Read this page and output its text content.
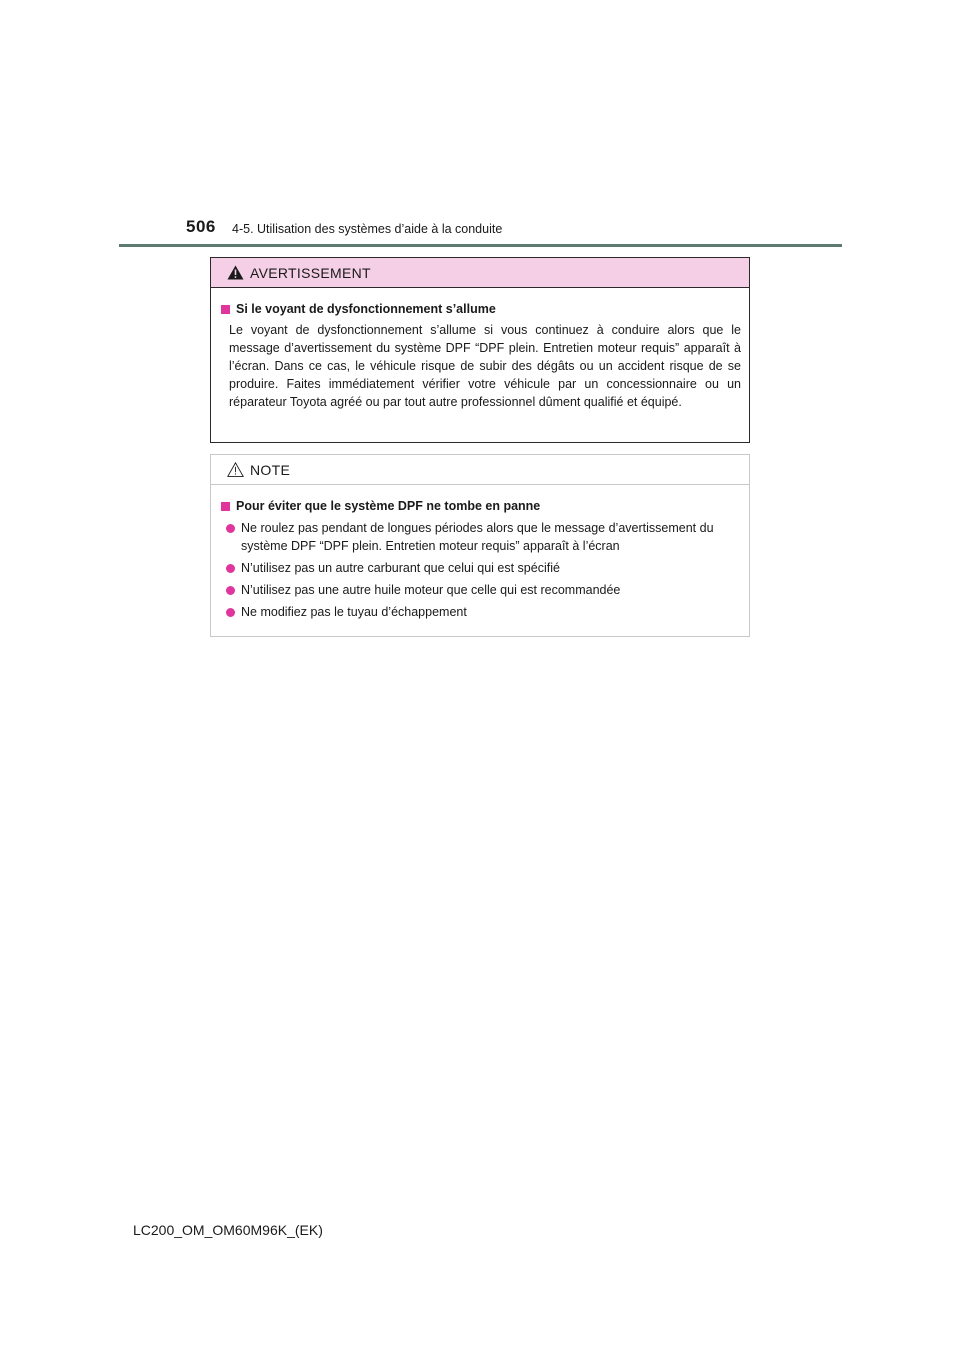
506 4-5. Utilisation des systèmes d’aide à la conduite
AVERTISSEMENT
Si le voyant de dysfonctionnement s’allume
Le voyant de dysfonctionnement s’allume si vous continuez à conduire alors que le message d’avertissement du système DPF “DPF plein. Entretien moteur requis” apparaît à l’écran. Dans ce cas, le véhicule risque de subir des dégâts ou un accident risque de se produire. Faites immédiatement vérifier votre véhicule par un concessionnaire ou un réparateur Toyota agréé ou par tout autre professionnel dûment qualifié et équipé.
NOTE
Pour éviter que le système DPF ne tombe en panne
Ne roulez pas pendant de longues périodes alors que le message d’avertissement du système DPF “DPF plein. Entretien moteur requis” apparaît à l’écran
N’utilisez pas un autre carburant que celui qui est spécifié
N’utilisez pas une autre huile moteur que celle qui est recommandée
Ne modifiez pas le tuyau d’échappement
LC200_OM_OM60M96K_(EK)
